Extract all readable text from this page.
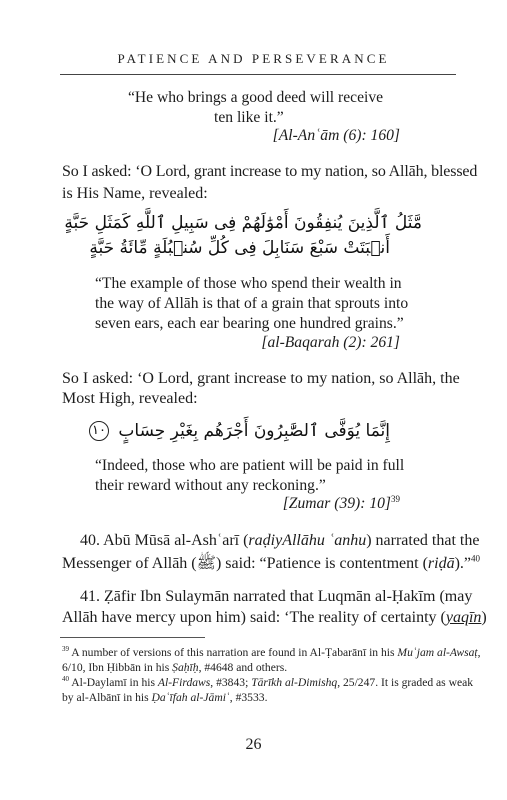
PATIENCE AND PERSEVERANCE
“He who brings a good deed will receive
ten like it.”
[Al-Anʿām (6): 160]
So I asked: ‘O Lord, grant increase to my nation, so Allāh, blessed
is His Name, revealed:
مَّثَلُ ٱلَّذِينَ يُنفِقُونَ أَمْوَٰلَهُمْ فِى سَبِيلِ ٱللَّهِ كَمَثَلِ حَبَّةٍ
أَنۢبَتَتْ سَبْعَ سَنَابِلَ فِى كُلِّ سُنۢبُلَةٍ مِّائَةُ حَبَّةٍ
“The example of those who spend their wealth in
the way of Allāh is that of a grain that sprouts into
seven ears, each ear bearing one hundred grains.”
[al-Baqarah (2): 261]
So I asked: ‘O Lord, grant increase to my nation, so Allāh, the
Most High, revealed:
إِنَّمَا يُوَفَّى ٱلصَّٰبِرُونَ أَجْرَهُم بِغَيْرِ حِسَابٍ ١٠
“Indeed, those who are patient will be paid in full
their reward without any reckoning.”
[Zumar (39): 10]$^{39}$
40. Abū Mūsā al-Ashʿarī (raḍiyAllāhu ʿanhu) narrated that the
Messenger of Allāh (ﷺ) said: “Patience is contentment (riḍā).”$^{40}$
41. Ẓāfir Ibn Sulaymān narrated that Luqmān al-Ḥakīm (may
Allāh have mercy upon him) said: ‘The reality of certainty (yaqīn)
$^{39}$ A number of versions of this narration are found in Al-Ṭabarānī in his Muʿjam al-Awsaṭ,
6/10, Ibn Ḥibbān in his Ṣaḥīḥ, #4648 and others.
$^{40}$ Al-Daylamī in his Al-Firdaws, #3843; Tārīkh al-Dimishq, 25/247. It is graded as weak
by al-Albānī in his Ḍaʿīfah al-Jāmiʿ, #3533.
26
